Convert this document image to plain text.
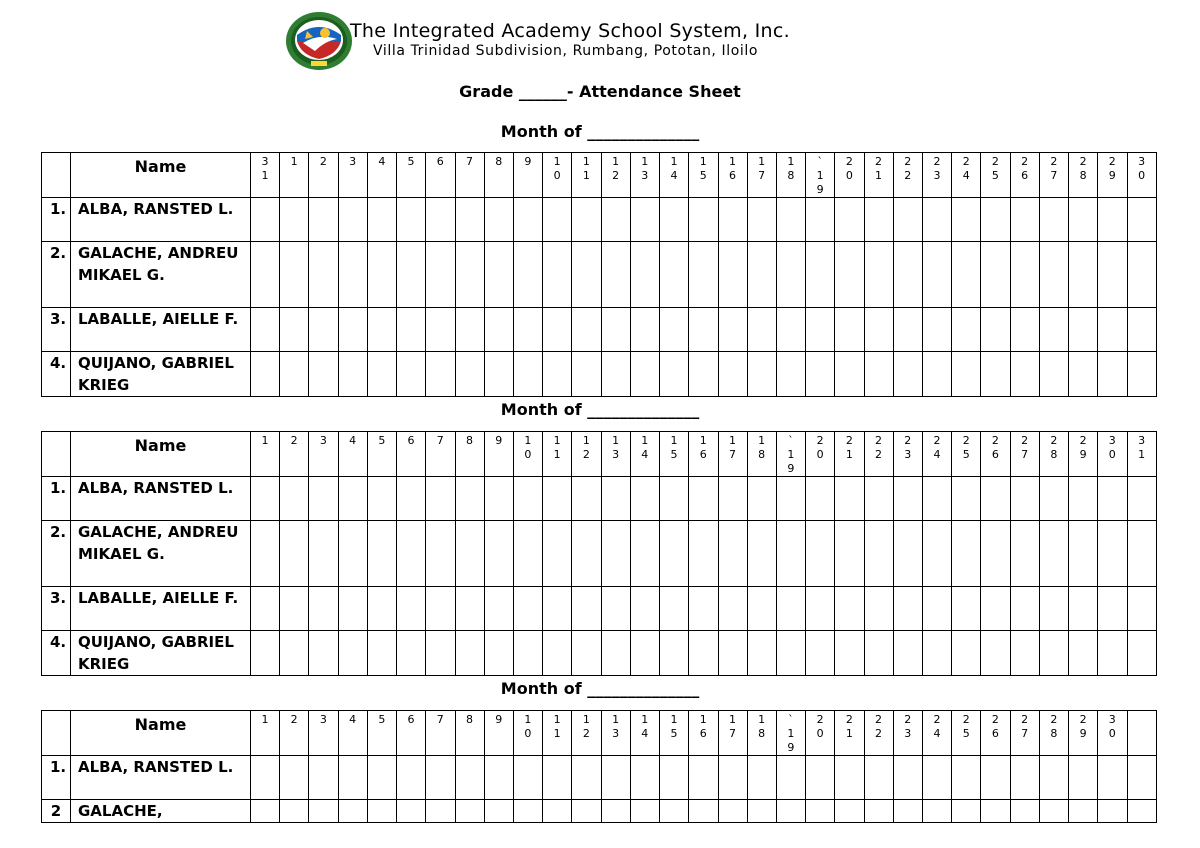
The Integrated Academy School System, Inc.
Villa Trinidad Subdivision, Rumbang, Pototan, Iloilo
Grade ______- Attendance Sheet
Month of ______________
	Name	31	1	2	3	4	5	6	7	8	9	10	11	12	13	14	15	16	17	18	`19	20	21	22	23	24	25	26	27	28	29	30

1.	ALBA, RANSTED L.																															

2.	GALACHE, ANDREU MIKAEL G.																															

3.	LABALLE, AIELLE F.																															

4.	QUIJANO, GABRIEL KRIEG																															
Month of ______________
	Name	1	2	3	4	5	6	7	8	9	10	11	12	13	14	15	16	17	18	`19	20	21	22	23	24	25	26	27	28	29	30	31

1.	ALBA, RANSTED L.																															

2.	GALACHE, ANDREU MIKAEL G.																															

3.	LABALLE, AIELLE F.																															

4.	QUIJANO, GABRIEL KRIEG																															
Month of ______________
	Name	1	2	3	4	5	6	7	8	9	10	11	12	13	14	15	16	17	18	`19	20	21	22	23	24	25	26	27	28	29	30	

1.	ALBA, RANSTED L.																															

2	GALACHE,																															
